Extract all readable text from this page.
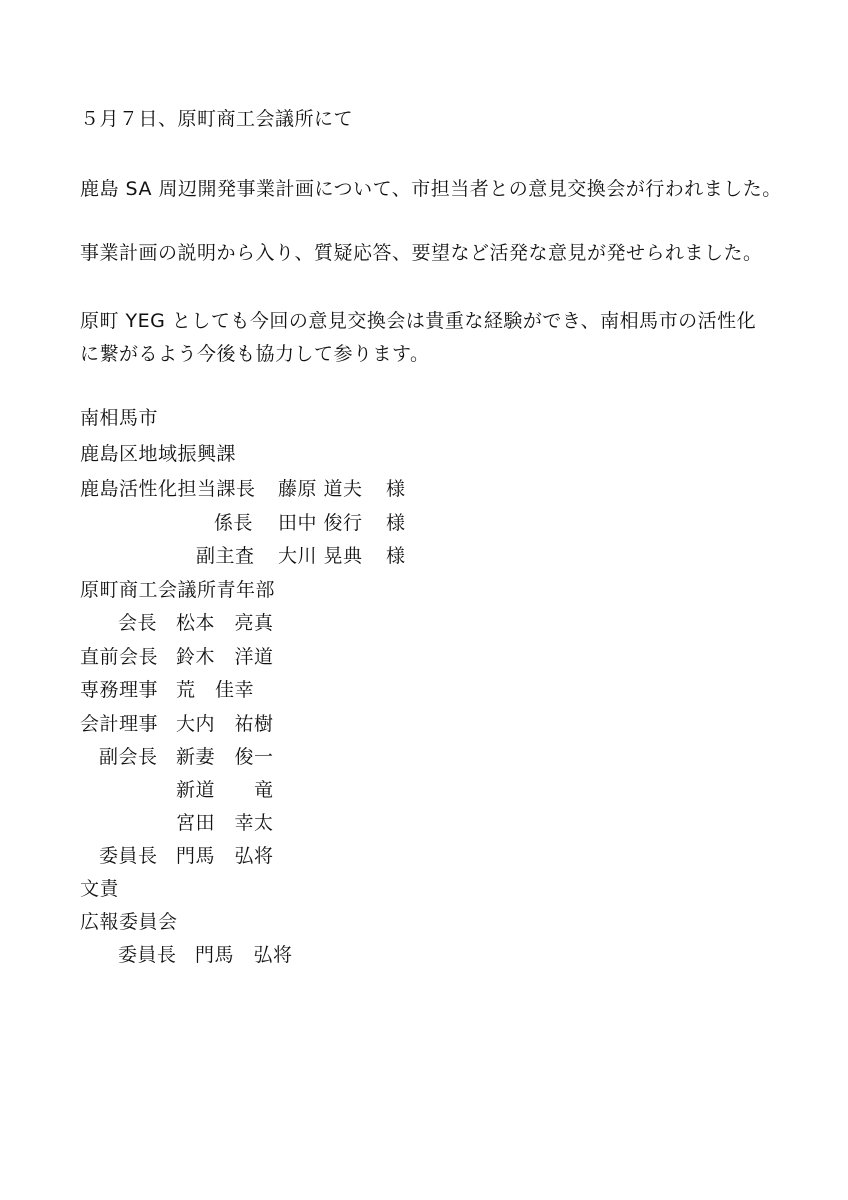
５月７日、原町商工会議所にて
鹿島 SA 周辺開発事業計画について、市担当者との意見交換会が行われました。
事業計画の説明から入り、質疑応答、要望など活発な意見が発せられました。
原町 YEG としても今回の意見交換会は貴重な経験ができ、南相馬市の活性化
に繋がるよう今後も協力して参ります。
南相馬市
鹿島区地域振興課
鹿島活性化担当課長 藤原 道夫 様
係長 田中 俊行 様
副主査 大川 晃典 様
原町商工会議所青年部
会長 松本　亮真
直前会長 鈴木　洋道
専務理事 荒　佳幸
会計理事 大内　祐樹
副会長 新妻　俊一
新道　　竜
宮田　幸太
委員長 門馬　弘将
文責
広報委員会
委員長 門馬　弘将
